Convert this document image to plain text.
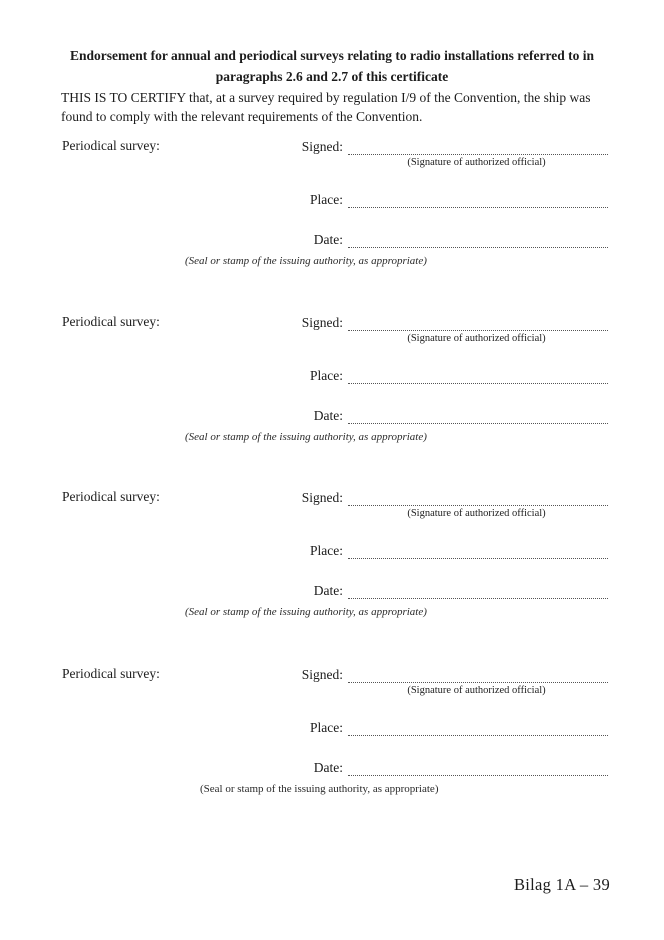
Endorsement for annual and periodical surveys relating to radio installations referred to in
paragraphs 2.6 and 2.7 of this certificate
THIS IS TO CERTIFY that, at a survey required by regulation I/9 of the Convention, the ship was
found to comply with the relevant requirements of the Convention.
Periodical survey:	Signed:
(Signature of authorized official)
Place:
Date:
(Seal or stamp of the issuing authority, as appropriate)
Periodical survey:	Signed:
(Signature of authorized official)
Place:
Date:
(Seal or stamp of the issuing authority, as appropriate)
Periodical survey:	Signed:
(Signature of authorized official)
Place:
Date:
(Seal or stamp of the issuing authority, as appropriate)
Periodical survey:	Signed:
(Signature of authorized official)
Place:
Date:
(Seal or stamp of the issuing authority, as appropriate)
Bilag 1A – 39
